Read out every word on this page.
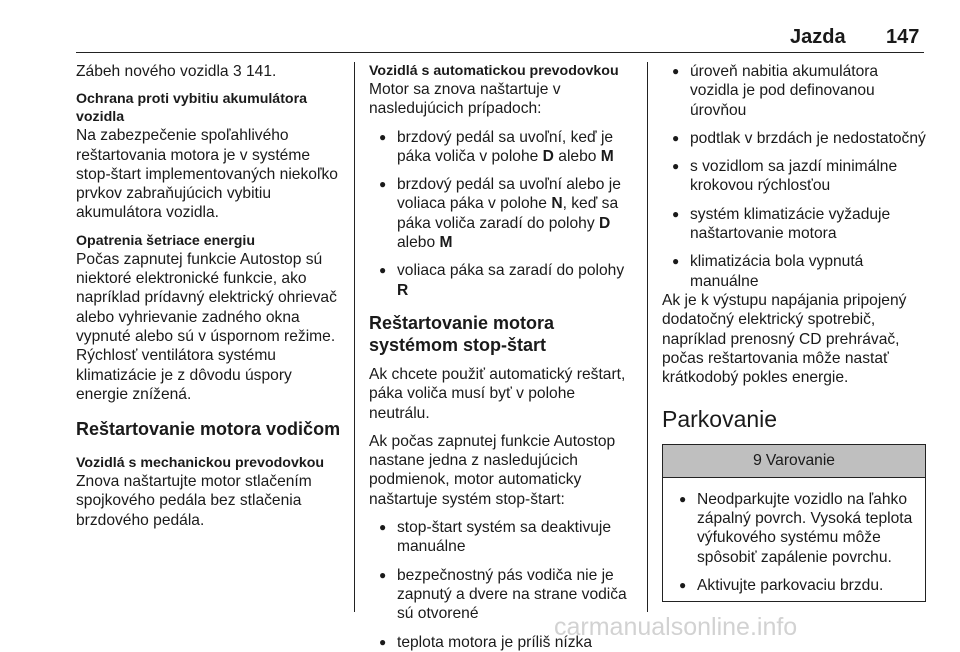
Jazda 147

Zábeh nového vozidla 3 141.

Ochrana proti vybitiu akumulátora vozidla

Na zabezpečenie spoľahlivého reštartovania motora je v systéme stop-štart implementovaných niekoľko prvkov zabraňujúcich vybitiu akumulátora vozidla.

Opatrenia šetriace energiu

Počas zapnutej funkcie Autostop sú niektoré elektronické funkcie, ako napríklad prídavný elektrický ohrievač alebo vyhrievanie zadného okna vypnuté alebo sú v úspornom režime. Rýchlosť ventilátora systému klimatizácie je z dôvodu úspory energie znížená.

Reštartovanie motora vodičom

Vozidlá s mechanickou prevodovkou

Znova naštartujte motor stlačením spojkového pedála bez stlačenia brzdového pedála.

Vozidlá s automatickou prevodovkou

Motor sa znova naštartuje v nasledujúcich prípadoch:

● brzdový pedál sa uvoľní, keď je páka voliča v polohe D alebo M
● brzdový pedál sa uvoľní alebo je voliaca páka v polohe N, keď sa páka voliča zaradí do polohy D alebo M
● voliaca páka sa zaradí do polohy R

Reštartovanie motora systémom stop-štart

Ak chcete použiť automatický reštart, páka voliča musí byť v polohe neutrálu.

Ak počas zapnutej funkcie Autostop nastane jedna z nasledujúcich podmienok, motor automaticky naštartuje systém stop-štart:

● stop-štart systém sa deaktivuje manuálne
● bezpečnostný pás vodiča nie je zapnutý a dvere na strane vodiča sú otvorené
● teplota motora je príliš nízka
● úroveň nabitia akumulátora vozidla je pod definovanou úrovňou
● podtlak v brzdách je nedostatočný
● s vozidlom sa jazdí minimálne krokovou rýchlosťou
● systém klimatizácie vyžaduje naštartovanie motora
● klimatizácia bola vypnutá manuálne

Ak je k výstupu napájania pripojený dodatočný elektrický spotrebič, napríklad prenosný CD prehrávač, počas reštartovania môže nastať krátkodobý pokles energie.

Parkovanie

9 Varovanie
● Neodparkujte vozidlo na ľahko zápalný povrch. Vysoká teplota výfukového systému môže spôsobiť zapálenie povrchu.
● Aktivujte parkovaciu brzdu.
carmanualsonline.info
